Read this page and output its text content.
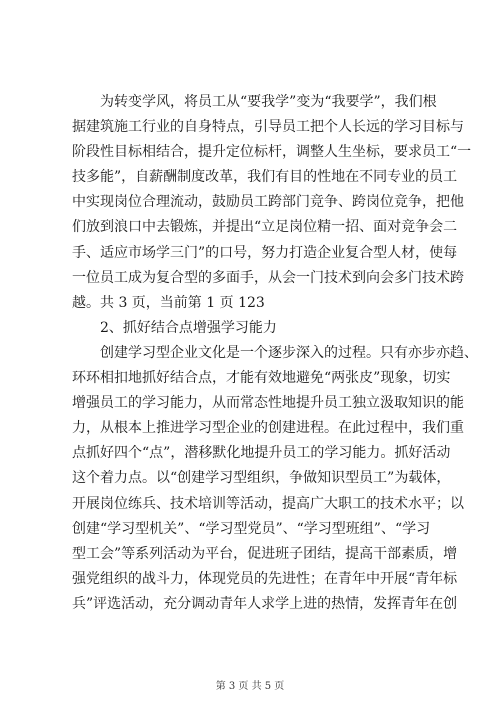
为转变学风，将员工从“要我学”变为“我要学”，我们根
据建筑施工行业的自身特点，引导员工把个人长远的学习目标与
阶段性目标相结合，提升定位标杆，调整人生坐标，要求员工“一
技多能”，自薪酬制度改革，我们有目的性地在不同专业的员工
中实现岗位合理流动，鼓励员工跨部门竞争、跨岗位竞争，把他
们放到浪口中去锻炼，并提出“立足岗位精一招、面对竞争会二
手、适应市场学三门”的口号，努力打造企业复合型人材，使每
一位员工成为复合型的多面手，从会一门技术到向会多门技术跨
越。共 3 页，当前第 1 页 123
2、抓好结合点增强学习能力
创建学习型企业文化是一个逐步深入的过程。只有亦步亦趋、
环环相扣地抓好结合点，才能有效地避免“两张皮”现象，切实
增强员工的学习能力，从而常态性地提升员工独立汲取知识的能
力，从根本上推进学习型企业的创建进程。在此过程中，我们重
点抓好四个“点”，潜移默化地提升员工的学习能力。抓好活动
这个着力点。以“创建学习型组织，争做知识型员工”为载体，
开展岗位练兵、技术培训等活动，提高广大职工的技术水平；以
创建“学习型机关”、“学习型党员”、“学习型班组”、“学习
型工会”等系列活动为平台，促进班子团结，提高干部素质，增
强党组织的战斗力，体现党员的先进性；在青年中开展“青年标
兵”评选活动，充分调动青年人求学上进的热情，发挥青年在创
第 3 页 共 5 页
